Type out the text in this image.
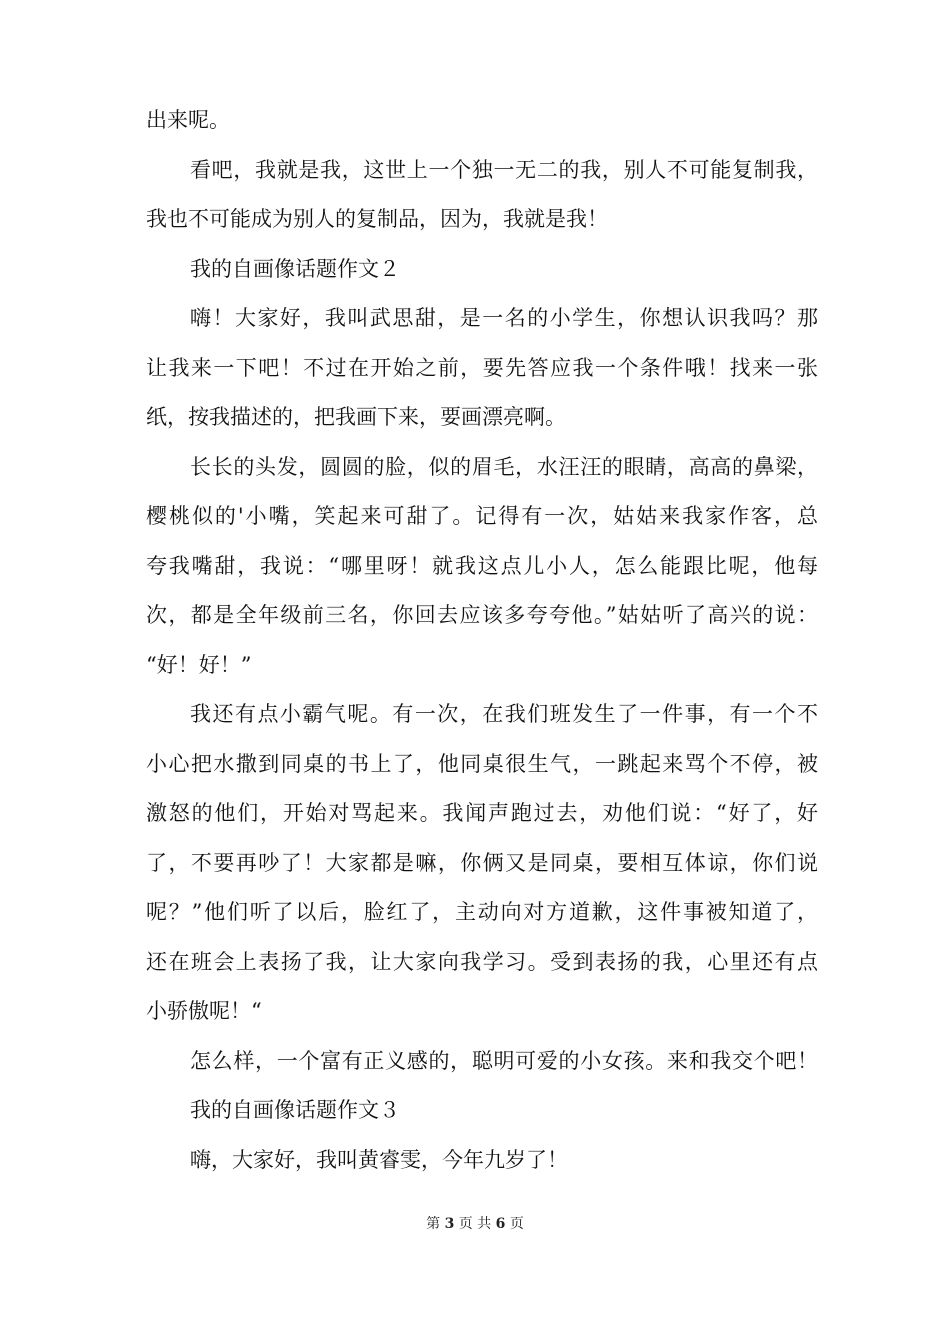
出来呢。
看吧，我就是我，这世上一个独一无二的我，别人不可能复制我，
我也不可能成为别人的复制品，因为，我就是我！
我的自画像话题作文２
嗨！大家好，我叫武思甜，是一名的小学生，你想认识我吗？那
让我来一下吧！不过在开始之前，要先答应我一个条件哦！找来一张
纸，按我描述的，把我画下来，要画漂亮啊。
长长的头发，圆圆的脸，似的眉毛，水汪汪的眼睛，高高的鼻梁，
樱桃似的'小嘴，笑起来可甜了。记得有一次，姑姑来我家作客，总
夸我嘴甜，我说：“哪里呀！就我这点儿小人，怎么能跟比呢，他每
次，都是全年级前三名，你回去应该多夸夸他。”姑姑听了高兴的说：
“好！好！”
我还有点小霸气呢。有一次，在我们班发生了一件事，有一个不
小心把水撒到同桌的书上了，他同桌很生气，一跳起来骂个不停，被
激怒的他们，开始对骂起来。我闻声跑过去，劝他们说：“好了，好
了，不要再吵了！大家都是嘛，你俩又是同桌，要相互体谅，你们说
呢？”他们听了以后，脸红了，主动向对方道歉，这件事被知道了，
还在班会上表扬了我，让大家向我学习。受到表扬的我，心里还有点
小骄傲呢！“
怎么样，一个富有正义感的，聪明可爱的小女孩。来和我交个吧！
我的自画像话题作文３
嗨，大家好，我叫黄睿雯，今年九岁了！
第 3 页 共 6 页
